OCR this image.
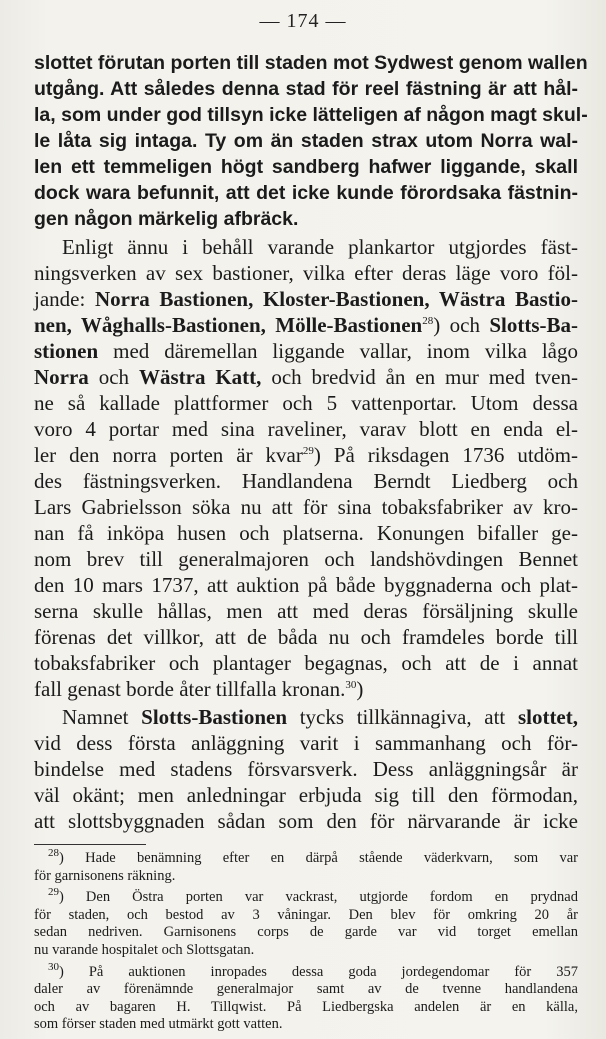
— 174 —
slottet förutan porten till staden mot Sydwest genom wallen
utgång. Att således denna stad för reel fästning är att hål-
la, som under god tillsyn icke lätteligen af någon magt skul-
le låta sig intaga. Ty om än staden strax utom Norra wal-
len ett temmeligen högt sandberg hafwer liggande, skall
dock wara befunnit, att det icke kunde förordsaka fästnin-
gen någon märkelig afbräck.
Enligt ännu i behåll varande plankartor utgjordes fäst-
ningsverken av sex bastioner, vilka efter deras läge voro föl-
jande: Norra Bastionen, Kloster-Bastionen, Wästra Bastio-
nen, Wåghalls-Bastionen, Mölle-Bastionen$^{28}$) och Slotts-Ba-
stionen med däremellan liggande vallar, inom vilka lågo
Norra och Wästra Katt, och bredvid ån en mur med tven-
ne så kallade plattformer och 5 vattenportar. Utom dessa
voro 4 portar med sina raveliner, varav blott en enda el-
ler den norra porten är kvar$^{29}$) På riksdagen 1736 utdöm-
des fästningsverken. Handlandena Berndt Liedberg och
Lars Gabrielsson söka nu att för sina tobaksfabriker av kro-
nan få inköpa husen och platserna. Konungen bifaller ge-
nom brev till generalmajoren och landshövdingen Bennet
den 10 mars 1737, att auktion på både byggnaderna och plat-
serna skulle hållas, men att med deras försäljning skulle
förenas det villkor, att de båda nu och framdeles borde till
tobaksfabriker och plantager begagnas, och att de i annat
fall genast borde åter tillfalla kronan.$^{30}$)
Namnet Slotts-Bastionen tycks tillkännagiva, att slottet,
vid dess första anläggning varit i sammanhang och för-
bindelse med stadens försvarsverk. Dess anläggningsår är
väl okänt; men anledningar erbjuda sig till den förmodan,
att slottsbyggnaden sådan som den för närvarande är icke
$^{28}$) Hade benämning efter en därpå stående väderkvarn, som var
för garnisonens räkning.
$^{29}$) Den Östra porten var vackrast, utgjorde fordom en prydnad
för staden, och bestod av 3 våningar. Den blev för omkring 20 år
sedan nedriven. Garnisonens corps de garde var vid torget emellan
nu varande hospitalet och Slottsgatan.
$^{30}$) På auktionen inropades dessa goda jordegendomar för 357
daler av förenämnde generalmajor samt av de tvenne handlandena
och av bagaren H. Tillqwist. På Liedbergska andelen är en källa,
som förser staden med utmärkt gott vatten.
